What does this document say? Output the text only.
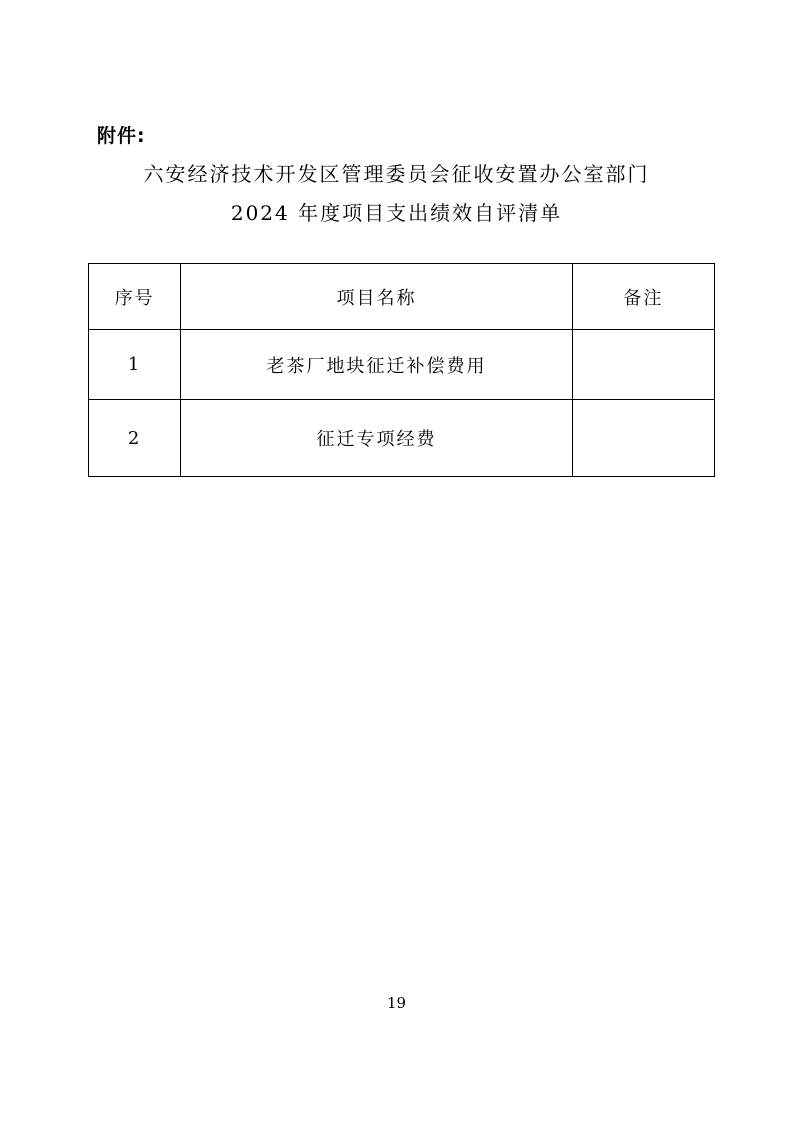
附件:
六安经济技术开发区管理委员会征收安置办公室部门
2024 年度项目支出绩效自评清单
序号	项目名称	备注
1	老茶厂地块征迁补偿费用	
2	征迁专项经费	
19
